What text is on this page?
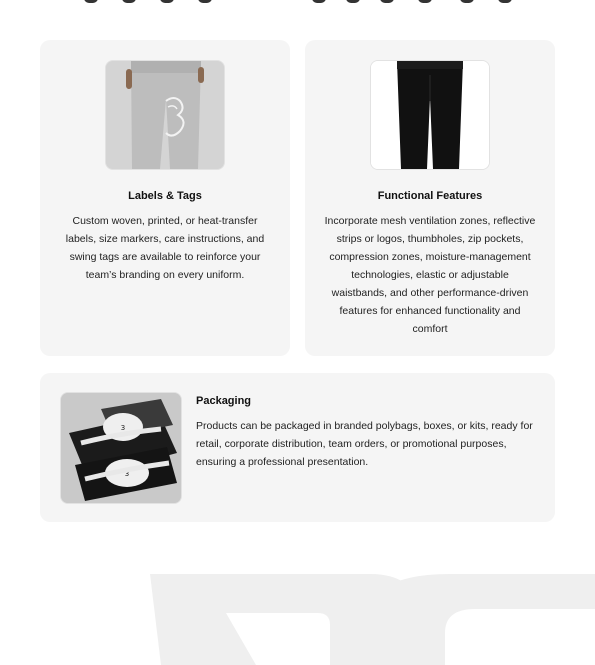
Labels & Tags
Custom woven, printed, or heat-transfer labels, size markers, care instructions, and swing tags are available to reinforce your team’s branding on every uniform.
Functional Features
Incorporate mesh ventilation zones, reflective strips or logos, thumbholes, zip pockets, compression zones, moisture-management technologies, elastic or adjustable waistbands, and other performance-driven features for enhanced functionality and comfort
3
3
Packaging
Products can be packaged in branded polybags, boxes, or kits, ready for retail, corporate distribution, team orders, or promotional purposes, ensuring a professional presentation.
